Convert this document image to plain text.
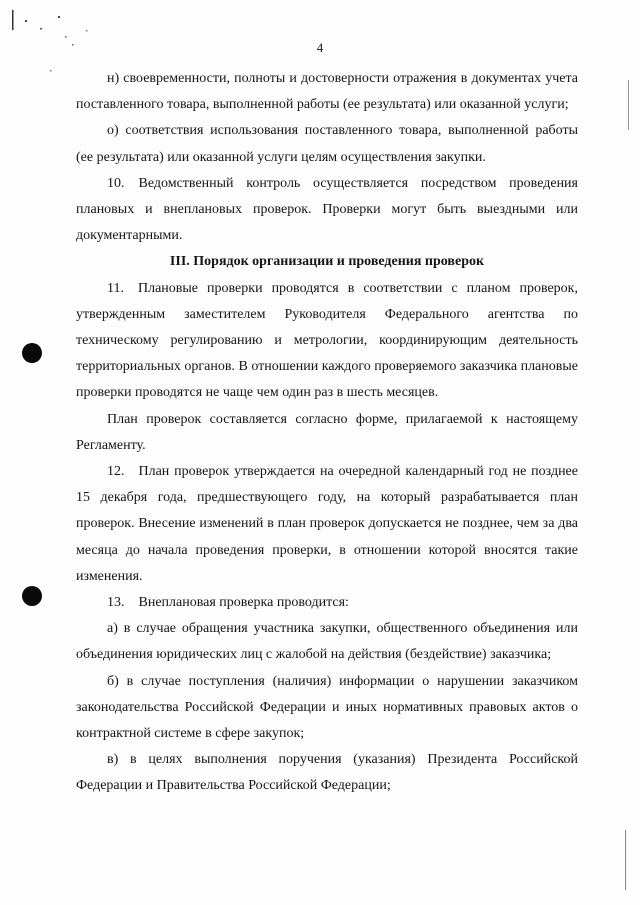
4

н) своевременности, полноты и достоверности отражения в документах учета поставленного товара, выполненной работы (ее результата) или оказанной услуги;

о) соответствия использования поставленного товара, выполненной работы (ее результата) или оказанной услуги целям осуществления закупки.

10. Ведомственный контроль осуществляется посредством проведения плановых и внеплановых проверок. Проверки могут быть выездными или документарными.

III. Порядок организации и проведения проверок

11. Плановые проверки проводятся в соответствии с планом проверок, утвержденным заместителем Руководителя Федерального агентства по техническому регулированию и метрологии, координирующим деятельность территориальных органов. В отношении каждого проверяемого заказчика плановые проверки проводятся не чаще чем один раз в шесть месяцев.

План проверок составляется согласно форме, прилагаемой к настоящему Регламенту.

12. План проверок утверждается на очередной календарный год не позднее 15 декабря года, предшествующего году, на который разрабатывается план проверок. Внесение изменений в план проверок допускается не позднее, чем за два месяца до начала проведения проверки, в отношении которой вносятся такие изменения.

13. Внеплановая проверка проводится:

а) в случае обращения участника закупки, общественного объединения или объединения юридических лиц с жалобой на действия (бездействие) заказчика;

б) в случае поступления (наличия) информации о нарушении заказчиком законодательства Российской Федерации и иных нормативных правовых актов о контрактной системе в сфере закупок;

в) в целях выполнения поручения (указания) Президента Российской Федерации и Правительства Российской Федерации;
